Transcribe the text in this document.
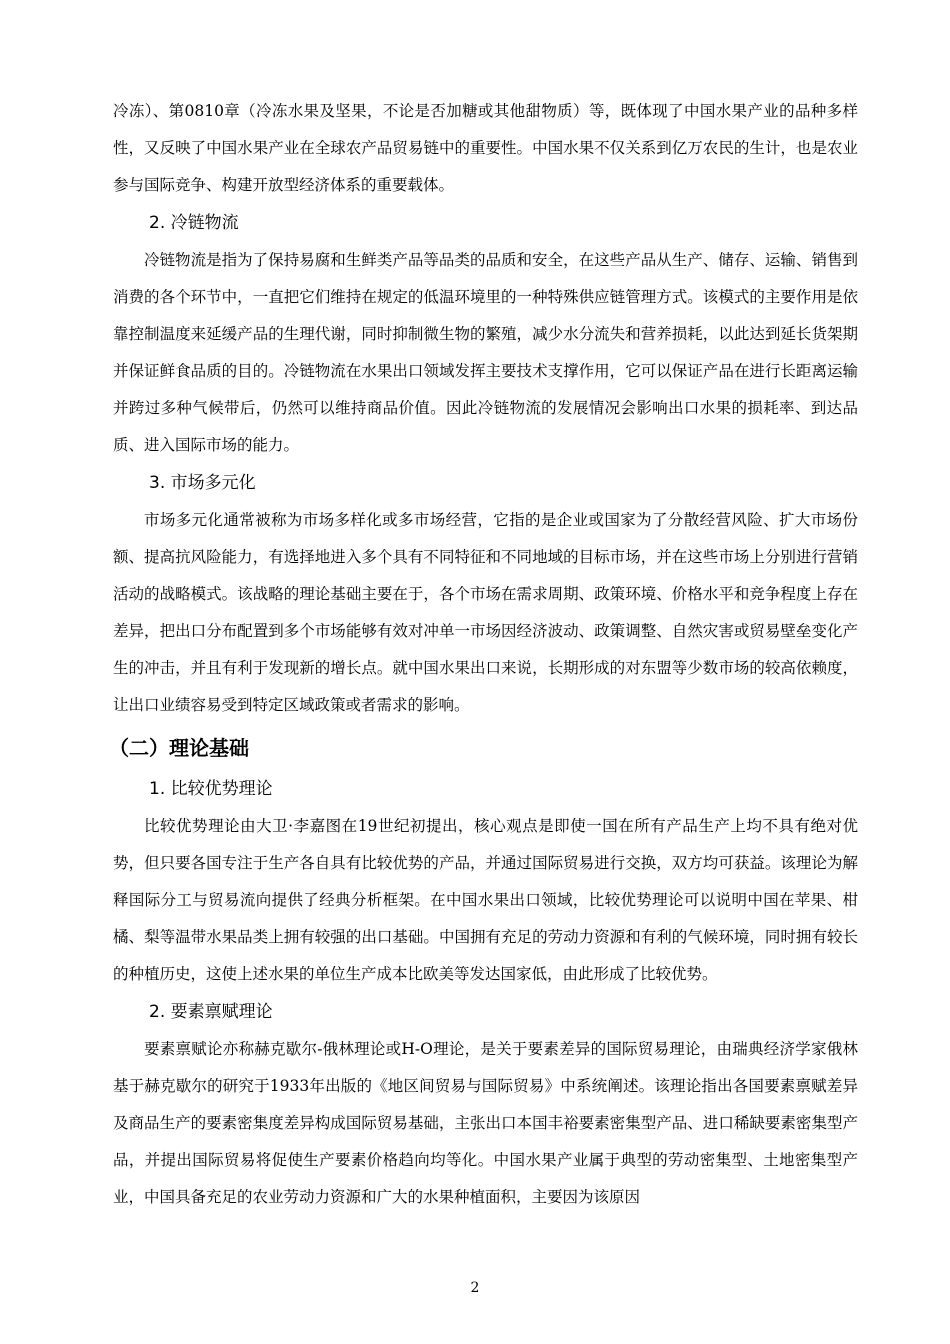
冷冻）、第0810章（冷冻水果及坚果，不论是否加糖或其他甜物质）等，既体现了中国水果产业的品种多样性，又反映了中国水果产业在全球农产品贸易链中的重要性。中国水果不仅关系到亿万农民的生计，也是农业参与国际竞争、构建开放型经济体系的重要载体。

2. 冷链物流

冷链物流是指为了保持易腐和生鲜类产品等品类的品质和安全，在这些产品从生产、储存、运输、销售到消费的各个环节中，一直把它们维持在规定的低温环境里的一种特殊供应链管理方式。该模式的主要作用是依靠控制温度来延缓产品的生理代谢，同时抑制微生物的繁殖，减少水分流失和营养损耗，以此达到延长货架期并保证鲜食品质的目的。冷链物流在水果出口领域发挥主要技术支撑作用，它可以保证产品在进行长距离运输并跨过多种气候带后，仍然可以维持商品价值。因此冷链物流的发展情况会影响出口水果的损耗率、到达品质、进入国际市场的能力。

3. 市场多元化

市场多元化通常被称为市场多样化或多市场经营，它指的是企业或国家为了分散经营风险、扩大市场份额、提高抗风险能力，有选择地进入多个具有不同特征和不同地域的目标市场，并在这些市场上分别进行营销活动的战略模式。该战略的理论基础主要在于，各个市场在需求周期、政策环境、价格水平和竞争程度上存在差异，把出口分布配置到多个市场能够有效对冲单一市场因经济波动、政策调整、自然灾害或贸易壁垒变化产生的冲击，并且有利于发现新的增长点。就中国水果出口来说，长期形成的对东盟等少数市场的较高依赖度，让出口业绩容易受到特定区域政策或者需求的影响。

（二）理论基础

1. 比较优势理论

比较优势理论由大卫·李嘉图在19世纪初提出，核心观点是即使一国在所有产品生产上均不具有绝对优势，但只要各国专注于生产各自具有比较优势的产品，并通过国际贸易进行交换，双方均可获益。该理论为解释国际分工与贸易流向提供了经典分析框架。在中国水果出口领域，比较优势理论可以说明中国在苹果、柑橘、梨等温带水果品类上拥有较强的出口基础。中国拥有充足的劳动力资源和有利的气候环境，同时拥有较长的种植历史，这使上述水果的单位生产成本比欧美等发达国家低，由此形成了比较优势。

2. 要素禀赋理论

要素禀赋论亦称赫克歇尔-俄林理论或H-O理论，是关于要素差异的国际贸易理论，由瑞典经济学家俄林基于赫克歇尔的研究于1933年出版的《地区间贸易与国际贸易》中系统阐述。该理论指出各国要素禀赋差异及商品生产的要素密集度差异构成国际贸易基础，主张出口本国丰裕要素密集型产品、进口稀缺要素密集型产品，并提出国际贸易将促使生产要素价格趋向均等化。中国水果产业属于典型的劳动密集型、土地密集型产业，中国具备充足的农业劳动力资源和广大的水果种植面积，主要因为该原因

2
